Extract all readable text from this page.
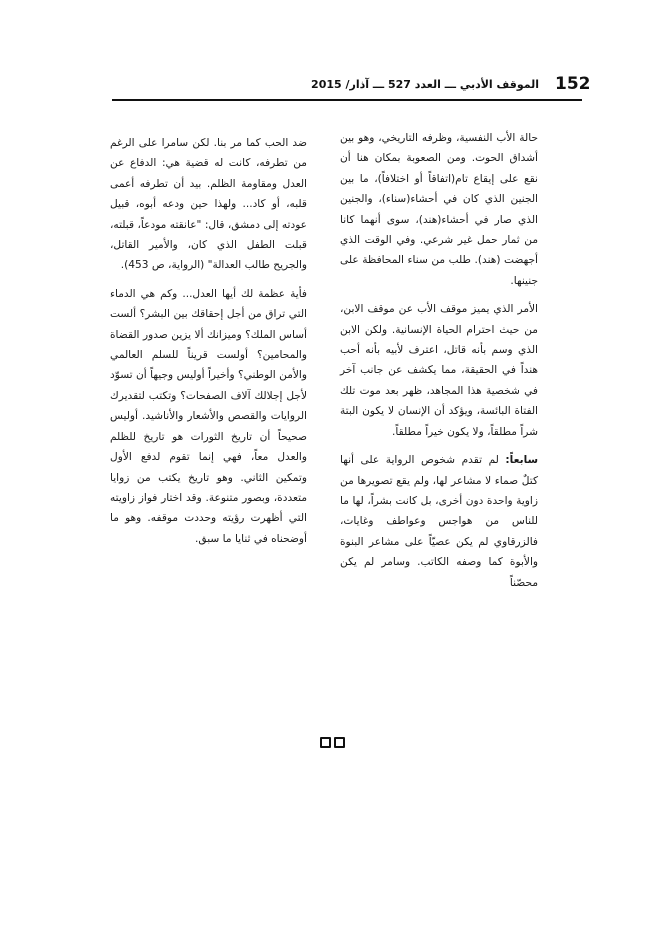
152
الموقف الأدبي ـــ العدد 527 ـــ آذار/ 2015

حالة الأب النفسية، وظرفه التاريخي، وهو بين أشداق الحوت. ومن الصعوبة بمكان هنا أن نقع على إيقاع تام(اتفاقاً أو اختلافاً)، ما بين الجنين الذي كان في أحشاء(سناء)، والجنين الذي صار في أحشاء(هند)، سوى أنهما كانا من ثمار حمل غير شرعي. وفي الوقت الذي أجهضت (هند). طلب من سناء المحافظة على جنينها.

الأمر الذي يميز موقف الأب عن موقف الابن، من حيث احترام الحياة الإنسانية. ولكن الابن الذي وسم بأنه قاتل، اعترف لأبيه بأنه أحب هنداً في الحقيقة، مما يكشف عن جانب آخر في شخصية هذا المجاهد، ظهر بعد موت تلك الفتاة البائسة، ويؤكد أن الإنسان لا يكون البتة شراً مطلقاً، ولا يكون خيراً مطلقاً.

سابعاً: لم تقدم شخوص الرواية على أنها كتلٌ صماء لا مشاعر لها، ولم يقع تصويرها من زاوية واحدة دون أخرى، بل كانت بشراً، لها ما للناس من هواجس وعواطف وغايات، فالزرقاوي لم يكن عصيّاً على مشاعر البنوة والأبوة كما وصفه الكاتب. وسامر لم يكن محصّناً

ضد الحب كما مر بنا. لكن سامرا على الرغم من تطرفه، كانت له قضية هي: الدفاع عن العدل ومقاومة الظلم. بيد أن تطرفه أعمى قلبه، أو كاد... ولهذا حين ودعه أبوه، قبيل عودته إلى دمشق، قال: "عانقته مودعاً، قبلته، قبلت الطفل الذي كان، والأمير القاتل، والجريح طالب العدالة" (الرواية، ص 453).

فأية عظمة لك أيها العدل... وكم هي الدماء التي تراق من أجل إحقاقك بين البشر؟ ألست أساس الملك؟ وميزانك ألا يزين صدور القضاة والمحامين؟ أولست قريناً للسلم العالمي والأمن الوطني؟ وأخيراً أوليس وجيهاً أن تسوّد لأجل إجلالك آلاف الصفحات؟ وتكتب لتقديرك الروايات والقصص والأشعار والأناشيد. أوليس صحيحاً أن تاريخ الثورات هو تاريخ للظلم والعدل معاً، فهي إنما تقوم لدفع الأول وتمكين الثاني. وهو تاريخ يكتب من زوايا متعددة، وبصور متنوعة. وقد اختار فواز زاويته التي أظهرت رؤيته وحددت موقفه. وهو ما أوضحناه في ثنايا ما سبق.
